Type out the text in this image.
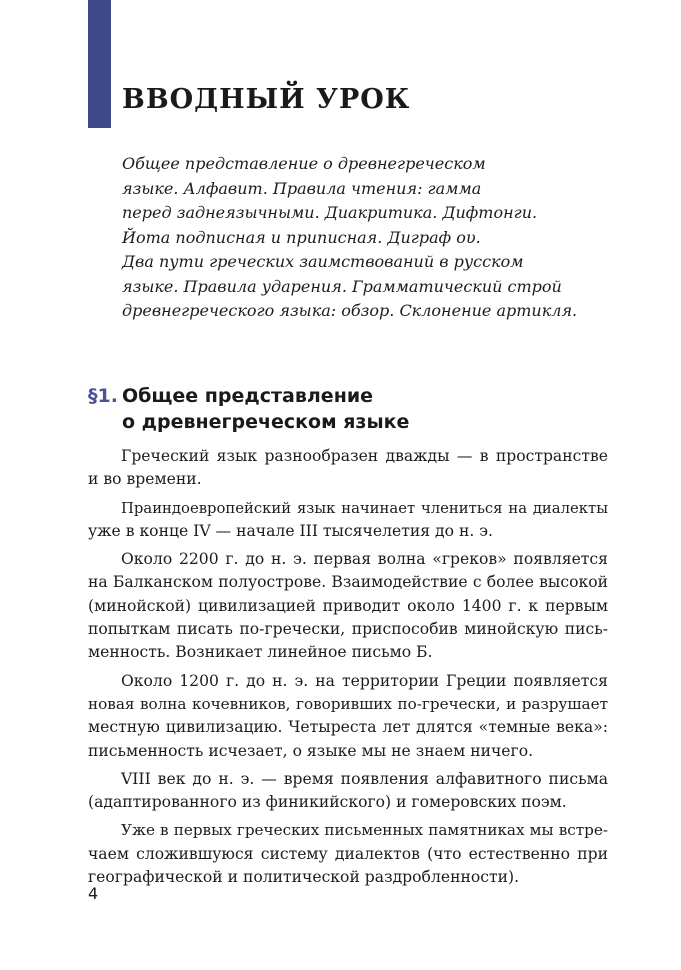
ВВОДНЫЙ УРОК
Общее представление о древнегреческом
языке. Алфавит. Правила чтения: гамма
перед заднеязычными. Диакритика. Дифтонги.
Йота подписная и приписная. Диграф ου.
Два пути греческих заимствований в русском
языке. Правила ударения. Грамматический строй
древнегреческого языка: обзор. Склонение артикля.
§1. Общее представление
о древнегреческом языке
Греческий язык разнообразен дважды — в пространстве
и во времени.
Праиндоевропейский язык начинает члениться на диалекты
уже в конце IV — начале III тысячелетия до н. э.
Около 2200 г. до н. э. первая волна «греков» появляется
на Балканском полуострове. Взаимодействие с более высокой
(минойской) цивилизацией приводит около 1400 г. к первым
попыткам писать по-гречески, приспособив минойскую пись-
менность. Возникает линейное письмо Б.
Около 1200 г. до н. э. на территории Греции появляется
новая волна кочевников, говоривших по-гречески, и разрушает
местную цивилизацию. Четыреста лет длятся «темные века»:
письменность исчезает, о языке мы не знаем ничего.
VIII век до н. э. — время появления алфавитного письма
(адаптированного из финикийского) и гомеровских поэм.
Уже в первых греческих письменных памятниках мы встре-
чаем сложившуюся систему диалектов (что естественно при
географической и политической раздробленности).
4
